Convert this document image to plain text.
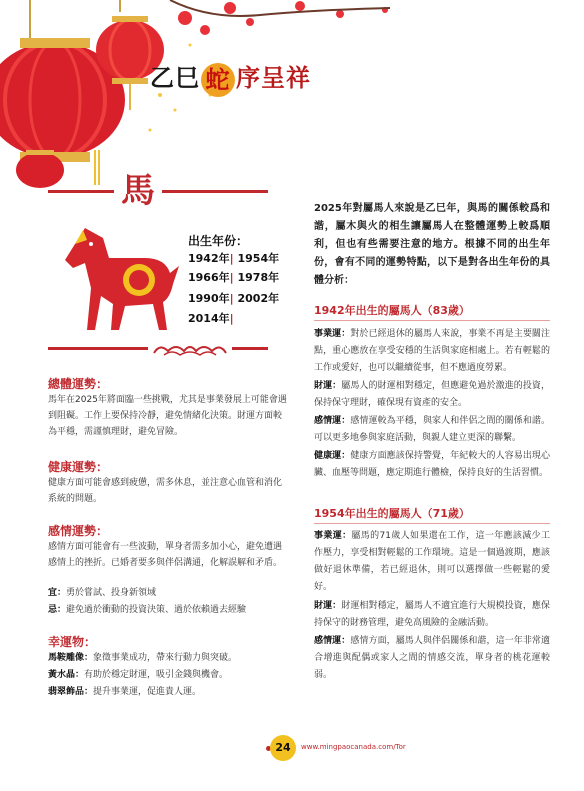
乙巳 蛇 序呈祥
馬
出生年份：
1942年| 1954年
1966年| 1978年
1990年| 2002年
2014年|
總體運勢：
馬年在2025年將面臨一些挑戰，尤其是事業發展上可能會遇到阻礙。工作上要保持冷靜，避免情緒化決策。財運方面較為平穩，需謹慎理財，避免冒險。
健康運勢：
健康方面可能會感到疲憊，需多休息，並注意心血管和消化系統的問題。
感情運勢：
感情方面可能會有一些波動，單身者需多加小心，避免遭遇感情上的挫折。已婚者要多與伴侶溝通，化解誤解和矛盾。
宜：勇於嘗試、投身新領域
忌：避免過於衝動的投資決策、過於依賴過去經驗
幸運物：
馬鞍雕像：象徵事業成功，帶來行動力與突破。
黃水晶：有助於穩定財運，吸引金錢與機會。
翡翠飾品：提升事業運，促進貴人運。
2025年對屬馬人來說是乙巳年，與馬的關係較爲和諧，屬木與火的相生讓屬馬人在整體運勢上較爲順利，但也有些需要注意的地方。根據不同的出生年份，會有不同的運勢特點，以下是對各出生年份的具體分析：
1942年出生的屬馬人（83歲）
事業運：對於已經退休的屬馬人來說，事業不再是主要關注點，重心應放在享受安穩的生活與家庭相處上。若有輕鬆的工作或愛好，也可以繼續從事，但不應過度勞累。
財運：屬馬人的財運相對穩定，但應避免過於激進的投資，保持保守理財，確保現有資產的安全。
感情運：感情運較為平穩，與家人和伴侶之間的關係和諧。可以更多地參與家庭活動，與親人建立更深的聯繫。
健康運：健康方面應該保持警覺，年紀較大的人容易出現心臟、血壓等問題，應定期進行體檢，保持良好的生活習慣。
1954年出生的屬馬人（71歲）
事業運：屬馬的71歲人如果還在工作，這一年應該減少工作壓力，享受相對輕鬆的工作環境。這是一個過渡期，應該做好退休準備，若已經退休，則可以選擇做一些輕鬆的愛好。
財運：財運相對穩定，屬馬人不適宜進行大規模投資，應保持保守的財務管理，避免高風險的金融活動。
感情運：感情方面，屬馬人與伴侶關係和諧，這一年非常適合增進與配偶或家人之間的情感交流，單身者的桃花運較弱。
24	www.mingpaocanada.com/Tor
